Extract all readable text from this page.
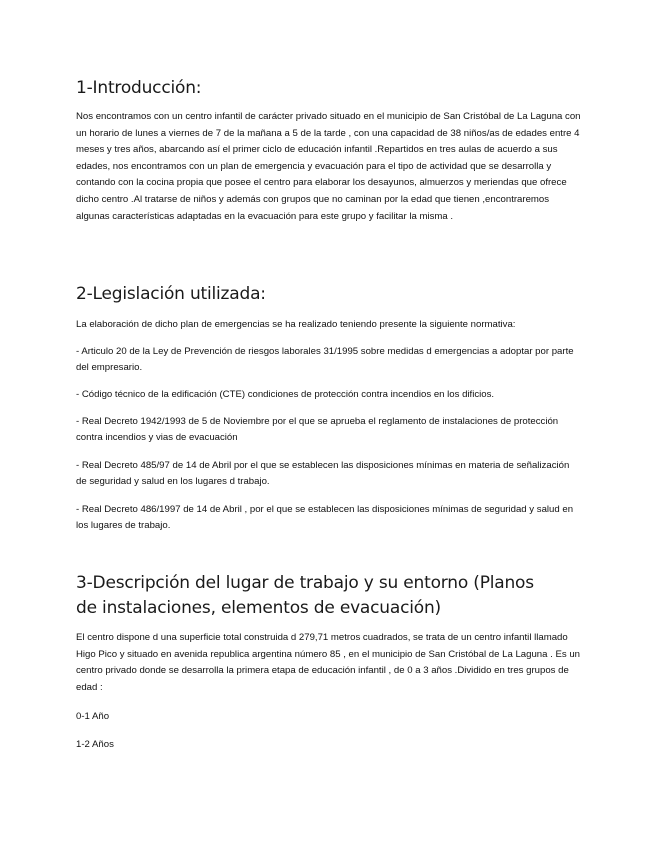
1-Introducción:

Nos encontramos con un centro infantil de carácter privado situado en el municipio de San Cristóbal de La Laguna con un horario de lunes a viernes de 7 de la mañana a 5 de la tarde , con una capacidad de 38 niños/as de edades entre 4 meses y tres años, abarcando así el primer ciclo de educación infantil .Repartidos en tres aulas de acuerdo a sus edades, nos encontramos con un plan de emergencia y evacuación para el tipo de actividad que se desarrolla y contando con la cocina propia que posee el centro para elaborar los desayunos, almuerzos y meriendas que ofrece dicho centro .Al tratarse de niños y además con grupos que no caminan por la edad que tienen ,encontraremos algunas características adaptadas en la evacuación para este grupo y facilitar la misma .

2-Legislación utilizada:

La elaboración de dicho plan de emergencias se ha realizado teniendo presente la siguiente normativa:

- Articulo 20 de la Ley de Prevención de riesgos laborales 31/1995 sobre medidas d emergencias a adoptar por parte del empresario.

- Código técnico de la edificación (CTE) condiciones de protección contra incendios en los dificios.

- Real Decreto 1942/1993 de 5 de Noviembre por el que se aprueba el reglamento de instalaciones de protección contra incendios y vias de evacuación

- Real Decreto 485/97 de 14 de Abril por el que se establecen las disposiciones mínimas en materia de señalización de seguridad y salud en los lugares d trabajo.

- Real Decreto 486/1997 de 14 de Abril , por el que se establecen las disposiciones mínimas de seguridad y salud en los lugares de trabajo.

3-Descripción del lugar de trabajo y su entorno (Planos de instalaciones, elementos de evacuación)

El centro dispone d una superficie total construida d 279,71 metros cuadrados, se trata de un centro infantil llamado Higo Pico y situado en avenida republica argentina número 85 , en el municipio de San Cristóbal de La Laguna . Es un centro privado donde se desarrolla la primera etapa de educación infantil , de 0 a 3 años .Dividido en tres grupos de edad :

0-1 Año

1-2 Años
